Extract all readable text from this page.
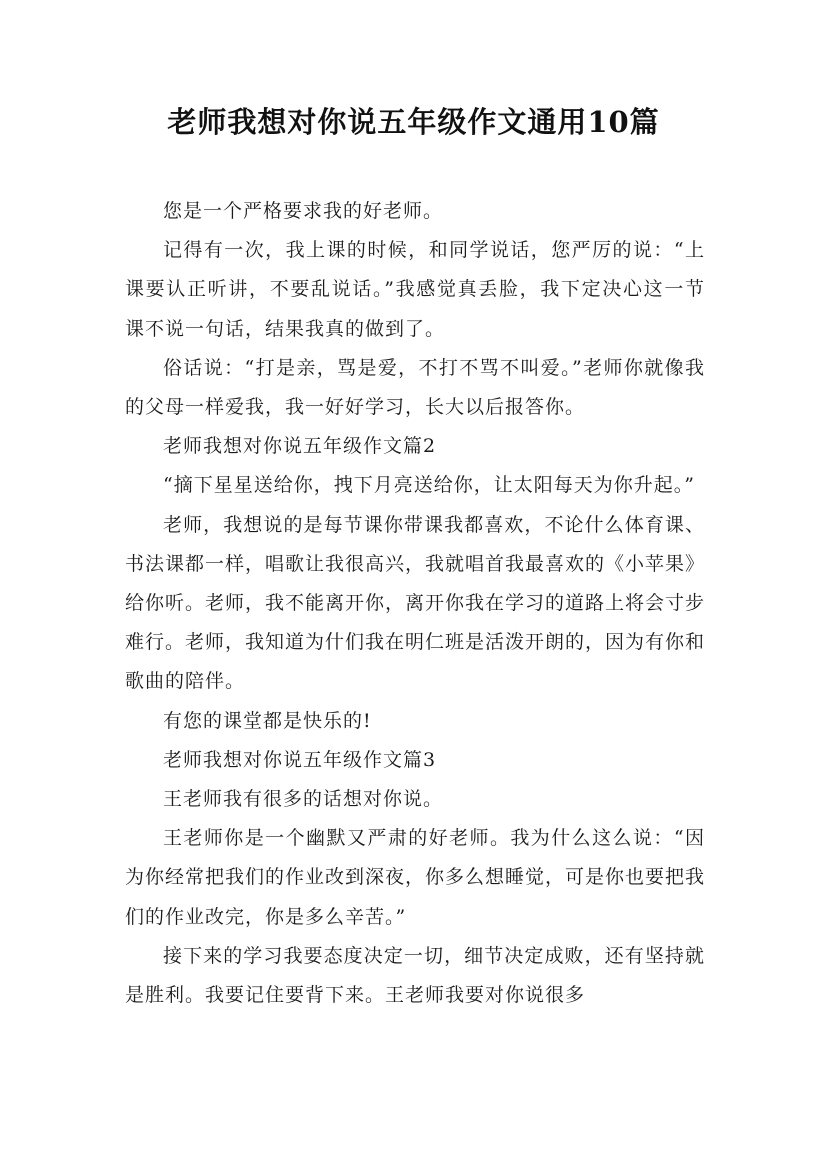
老师我想对你说五年级作文通用10篇

您是一个严格要求我的好老师。

记得有一次，我上课的时候，和同学说话，您严厉的说：“上课要认正听讲，不要乱说话。”我感觉真丢脸，我下定决心这一节课不说一句话，结果我真的做到了。

俗话说：“打是亲，骂是爱，不打不骂不叫爱。”老师你就像我的父母一样爱我，我一好好学习，长大以后报答你。

老师我想对你说五年级作文篇2

“摘下星星送给你，拽下月亮送给你，让太阳每天为你升起。”

老师，我想说的是每节课你带课我都喜欢，不论什么体育课、书法课都一样，唱歌让我很高兴，我就唱首我最喜欢的《小苹果》给你听。老师，我不能离开你，离开你我在学习的道路上将会寸步难行。老师，我知道为什们我在明仁班是活泼开朗的，因为有你和歌曲的陪伴。

有您的课堂都是快乐的!

老师我想对你说五年级作文篇3

王老师我有很多的话想对你说。

王老师你是一个幽默又严肃的好老师。我为什么这么说：“因为你经常把我们的作业改到深夜，你多么想睡觉，可是你也要把我们的作业改完，你是多么辛苦。”

接下来的学习我要态度决定一切，细节决定成败，还有坚持就是胜利。我要记住要背下来。王老师我要对你说很多
